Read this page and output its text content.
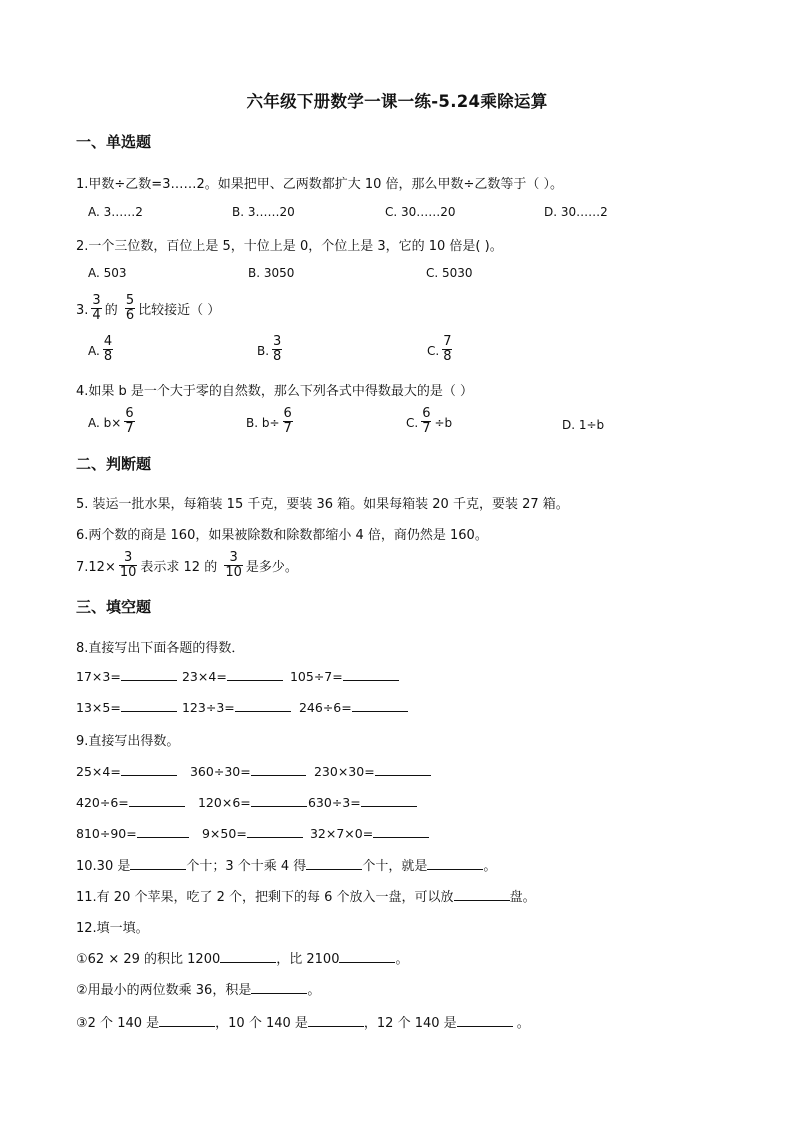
六年级下册数学一课一练-5.24乘除运算
一、单选题
1.甲数÷乙数=3……2。如果把甲、乙两数都扩大 10 倍，那么甲数÷乙数等于（ ）。
A. 3……2	B. 3……20	C. 30……20	D. 30……2
2.一个三位数，百位上是 5，十位上是 0，个位上是 3，它的 10 倍是( )。
A. 503	B. 3050	C. 5030
3. $\frac{3}{4}$ 的 $\frac{5}{6}$ 比较接近（ ）
A. $\frac{4}{8}$	B. $\frac{3}{8}$	C. $\frac{7}{8}$
4.如果 b 是一个大于零的自然数，那么下列各式中得数最大的是（ ）
A. $b\times \frac{6}{7}$	B. $b\div \frac{6}{7}$	C. $\frac{6}{7} \div b$	D. 1÷b
二、判断题
5. 装运一批水果，每箱装 15 千克，要装 36 箱。如果每箱装 20 千克，要装 27 箱。
6.两个数的商是 160，如果被除数和除数都缩小 4 倍，商仍然是 160。
$7.12\times \frac{3}{10}$ 表示求 12 的 $\frac{3}{10}$ 是多少。
三、填空题
8.直接写出下面各题的得数．
17×3=	23×4=	105÷7=
13×5=	123÷3=	246÷6=
9.直接写出得数。
25×4=	360÷30=	230×30=
420÷6=	120×6=	630÷3=
810÷90=	9×50=	32×7×0=
10.30 是	个十；3 个十乘 4 得	个十，就是	。
11.有 20 个苹果，吃了 2 个，把剩下的每 6 个放入一盘，可以放	盘。
12.填一填。
①62 × 29 的积比 1200	，比 2100	。
②用最小的两位数乘 36，积是	。
③2 个 140 是	，10 个 140 是	，12 个 140 是	。
